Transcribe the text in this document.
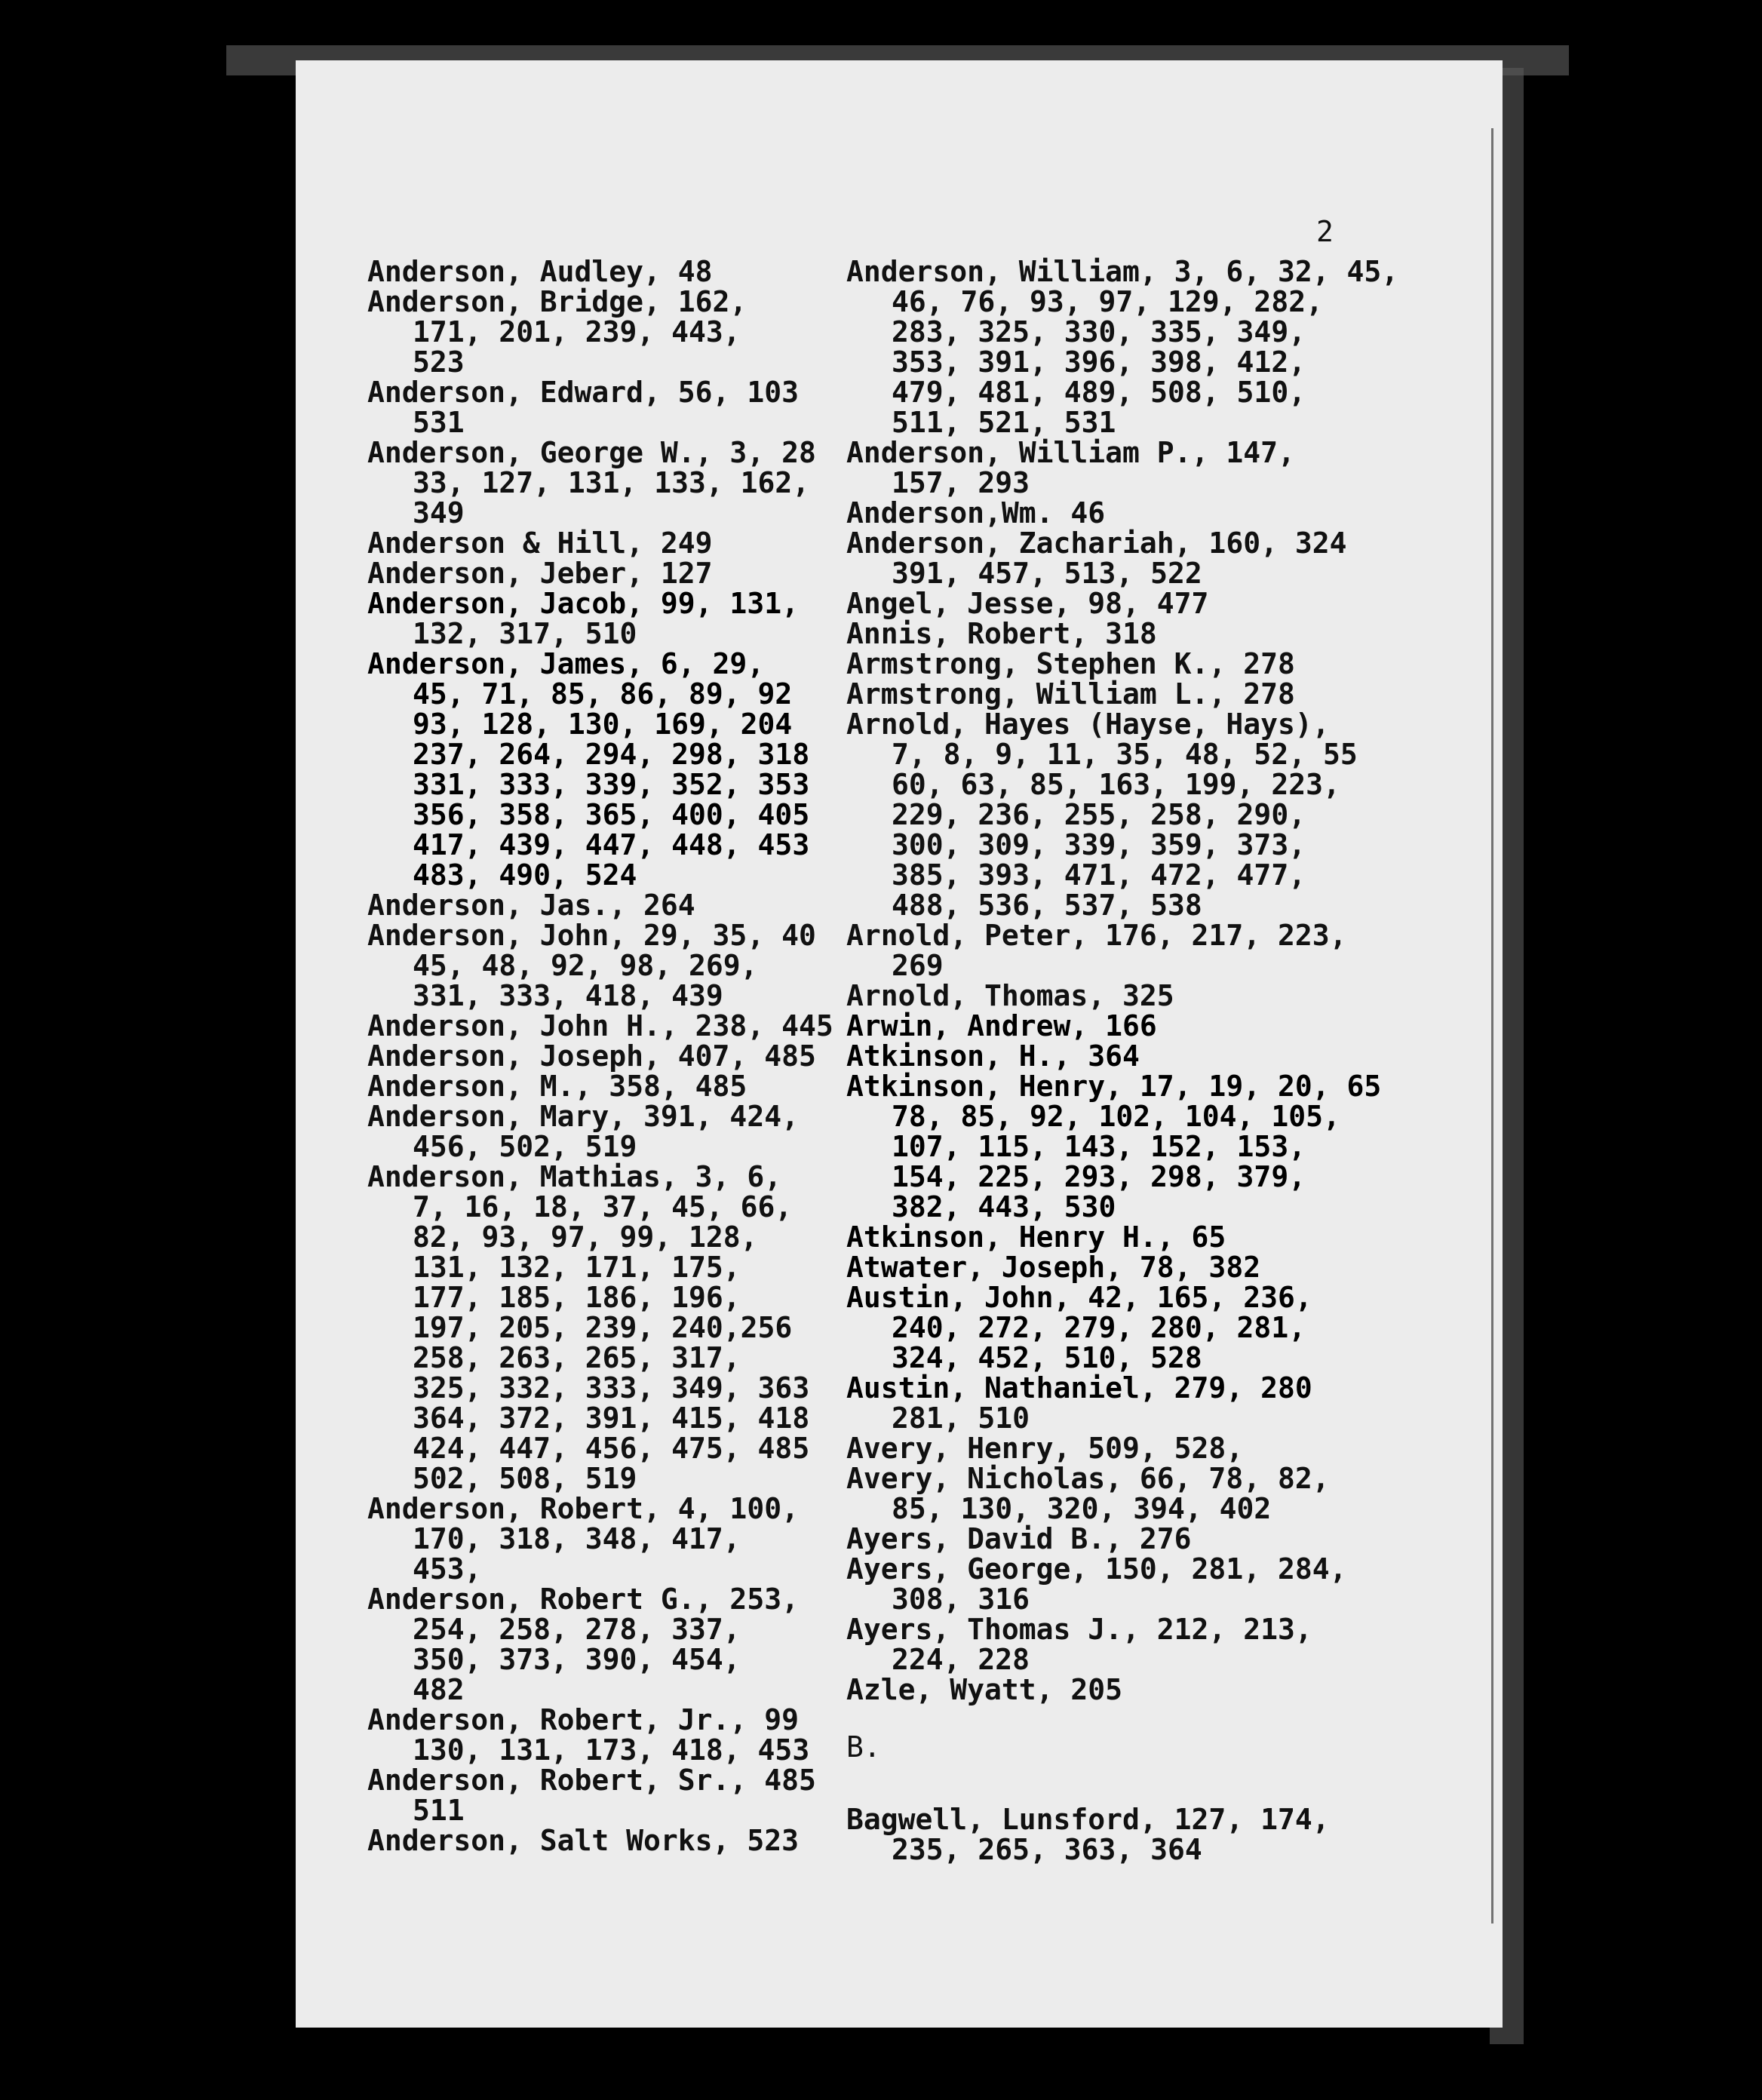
2

Anderson, Audley, 48

Anderson, Bridge, 162,

171, 201, 239, 443,

523

Anderson, Edward, 56, 103

531

Anderson, George W., 3, 28

33, 127, 131, 133, 162,

349

Anderson & Hill, 249

Anderson, Jeber, 127

Anderson, Jacob, 99, 131,

132, 317, 510

Anderson, James, 6, 29,

45, 71, 85, 86, 89, 92

93, 128, 130, 169, 204

237, 264, 294, 298, 318

331, 333, 339, 352, 353

356, 358, 365, 400, 405

417, 439, 447, 448, 453

483, 490, 524

Anderson, Jas., 264

Anderson, John, 29, 35, 40

45, 48, 92, 98, 269,

331, 333, 418, 439

Anderson, John H., 238, 445

Anderson, Joseph, 407, 485

Anderson, M., 358, 485

Anderson, Mary, 391, 424,

456, 502, 519

Anderson, Mathias, 3, 6,

7, 16, 18, 37, 45, 66,

82, 93, 97, 99, 128,

131, 132, 171, 175,

177, 185, 186, 196,

197, 205, 239, 240,256

258, 263, 265, 317,

325, 332, 333, 349, 363

364, 372, 391, 415, 418

424, 447, 456, 475, 485

502, 508, 519

Anderson, Robert, 4, 100,

170, 318, 348, 417,

453,

Anderson, Robert G., 253,

254, 258, 278, 337,

350, 373, 390, 454,

482

Anderson, Robert, Jr., 99

130, 131, 173, 418, 453

Anderson, Robert, Sr., 485

511

Anderson, Salt Works, 523

Anderson, William, 3, 6, 32, 45,

46, 76, 93, 97, 129, 282,

283, 325, 330, 335, 349,

353, 391, 396, 398, 412,

479, 481, 489, 508, 510,

511, 521, 531

Anderson, William P., 147,

157, 293

Anderson,Wm. 46

Anderson, Zachariah, 160, 324

391, 457, 513, 522

Angel, Jesse, 98, 477

Annis, Robert, 318

Armstrong, Stephen K., 278

Armstrong, William L., 278

Arnold, Hayes (Hayse, Hays),

7, 8, 9, 11, 35, 48, 52, 55

60, 63, 85, 163, 199, 223,

229, 236, 255, 258, 290,

300, 309, 339, 359, 373,

385, 393, 471, 472, 477,

488, 536, 537, 538

Arnold, Peter, 176, 217, 223,

269

Arnold, Thomas, 325

Arwin, Andrew, 166

Atkinson, H., 364

Atkinson, Henry, 17, 19, 20, 65

78, 85, 92, 102, 104, 105,

107, 115, 143, 152, 153,

154, 225, 293, 298, 379,

382, 443, 530

Atkinson, Henry H., 65

Atwater, Joseph, 78, 382

Austin, John, 42, 165, 236,

240, 272, 279, 280, 281,

324, 452, 510, 528

Austin, Nathaniel, 279, 280

281, 510

Avery, Henry, 509, 528,

Avery, Nicholas, 66, 78, 82,

85, 130, 320, 394, 402

Ayers, David B., 276

Ayers, George, 150, 281, 284,

308, 316

Ayers, Thomas J., 212, 213,

224, 228

Azle, Wyatt, 205

B.

Bagwell, Lunsford, 127, 174,

235, 265, 363, 364
